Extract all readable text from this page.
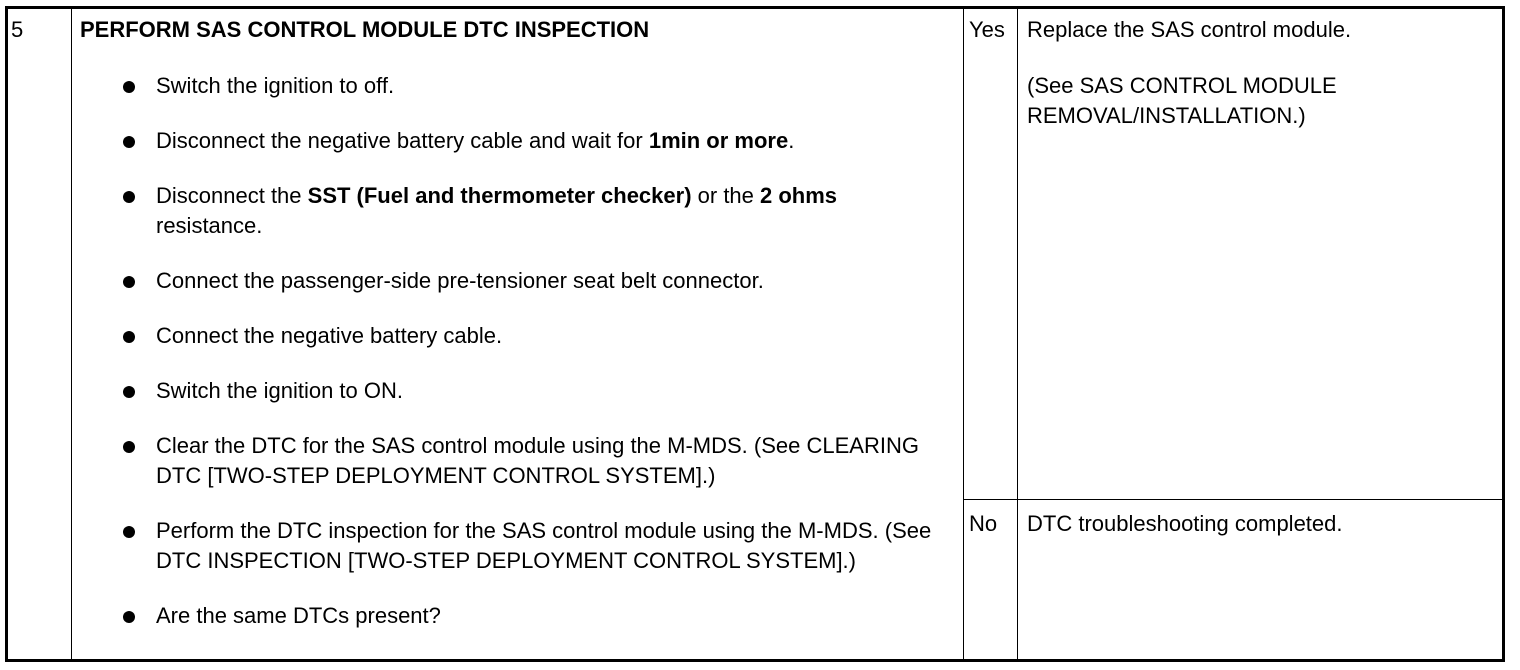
5	PERFORM SAS CONTROL MODULE DTC INSPECTION
Switch the ignition to off.
Disconnect the negative battery cable and wait for 1min or more.
Disconnect the SST (Fuel and thermometer checker) or the 2 ohms resistance.
Connect the passenger-side pre-tensioner seat belt connector.
Connect the negative battery cable.
Switch the ignition to ON.
Clear the DTC for the SAS control module using the M-MDS. (See CLEARING DTC [TWO-STEP DEPLOYMENT CONTROL SYSTEM].)
Perform the DTC inspection for the SAS control module using the M-MDS. (See DTC INSPECTION [TWO-STEP DEPLOYMENT CONTROL SYSTEM].)
Are the same DTCs present?
Yes Replace the SAS control module.
(See SAS CONTROL MODULE REMOVAL/INSTALLATION.)
No DTC troubleshooting completed.
